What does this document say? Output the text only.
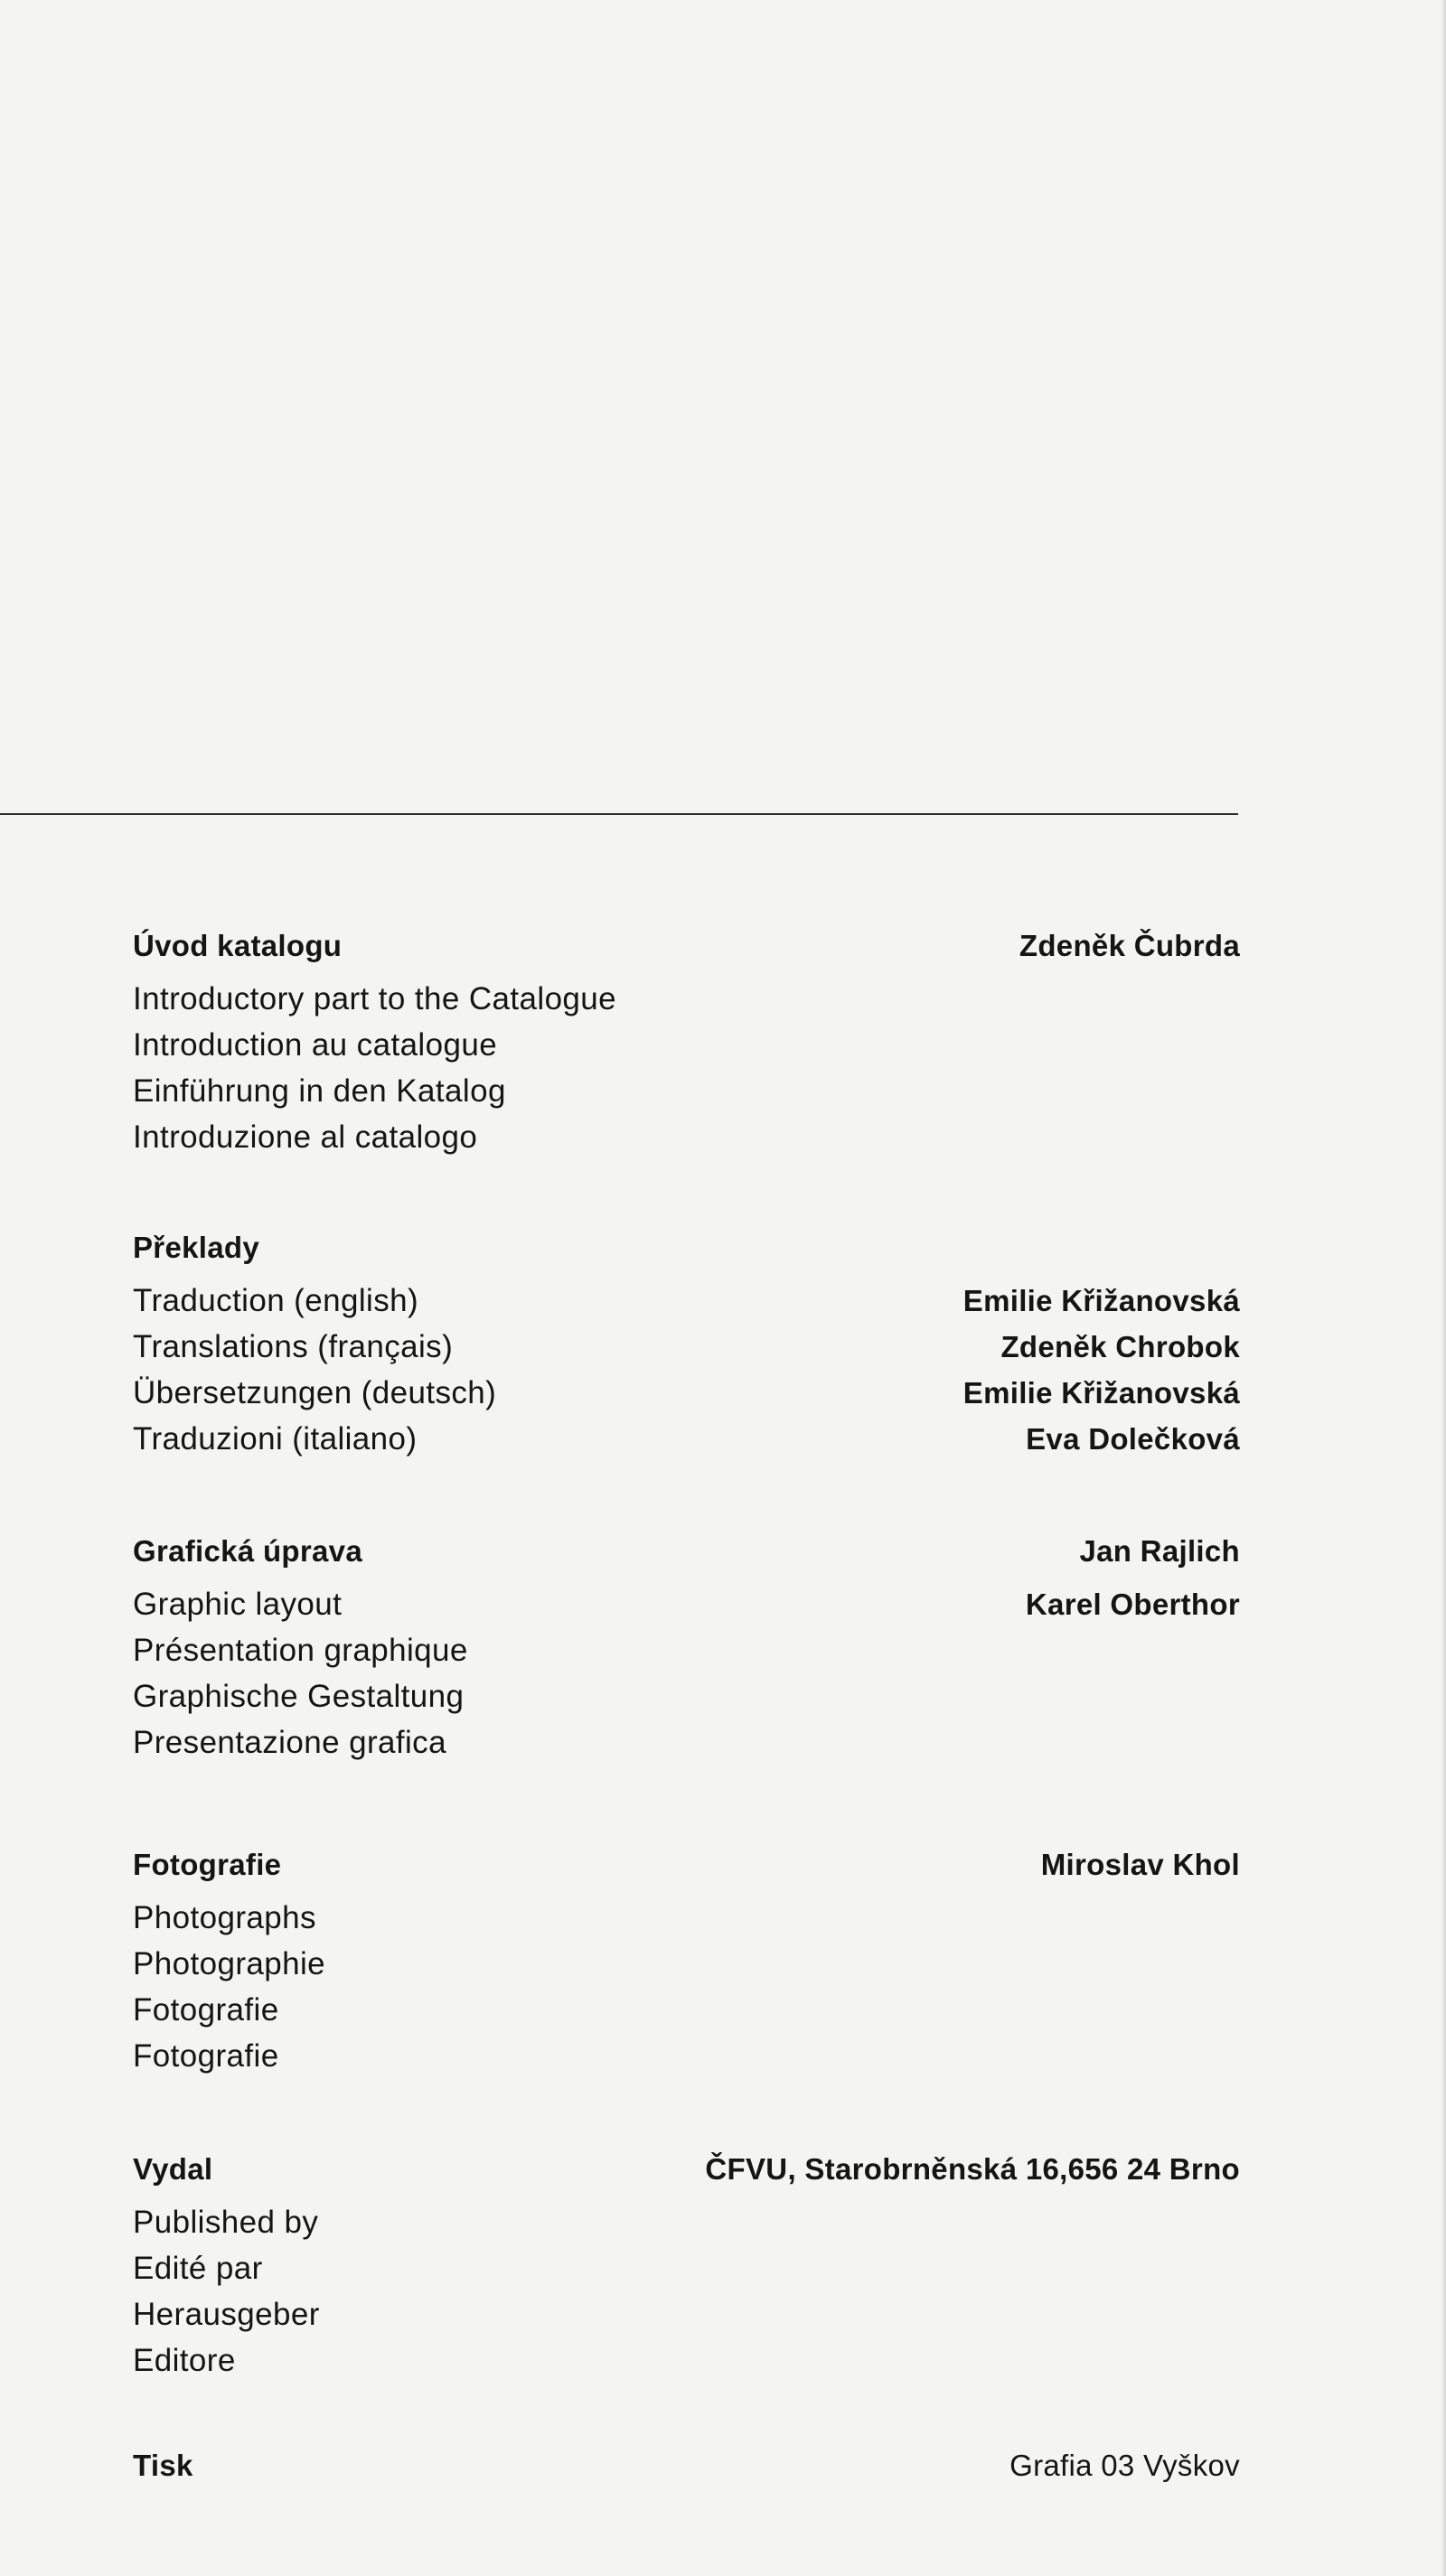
Úvod katalogu	Zdeněk Čubrda
Introductory part to the Catalogue
Introduction au catalogue
Einführung in den Katalog
Introduzione al catalogo
Překlady
Traduction (english)	Emilie Křižanovská
Translations (français)	Zdeněk Chrobok
Übersetzungen (deutsch)	Emilie Křižanovská
Traduzioni (italiano)	Eva Dolečková
Grafická úprava	Jan Rajlich
Graphic layout	Karel Oberthor
Présentation graphique
Graphische Gestaltung
Presentazione grafica
Fotografie	Miroslav Khol
Photographs
Photographie
Fotografie
Fotografie
Vydal	ČFVU, Starobrněnská 16,656 24 Brno
Published by
Edité par
Herausgeber
Editore
Tisk	Grafia 03 Vyškov
